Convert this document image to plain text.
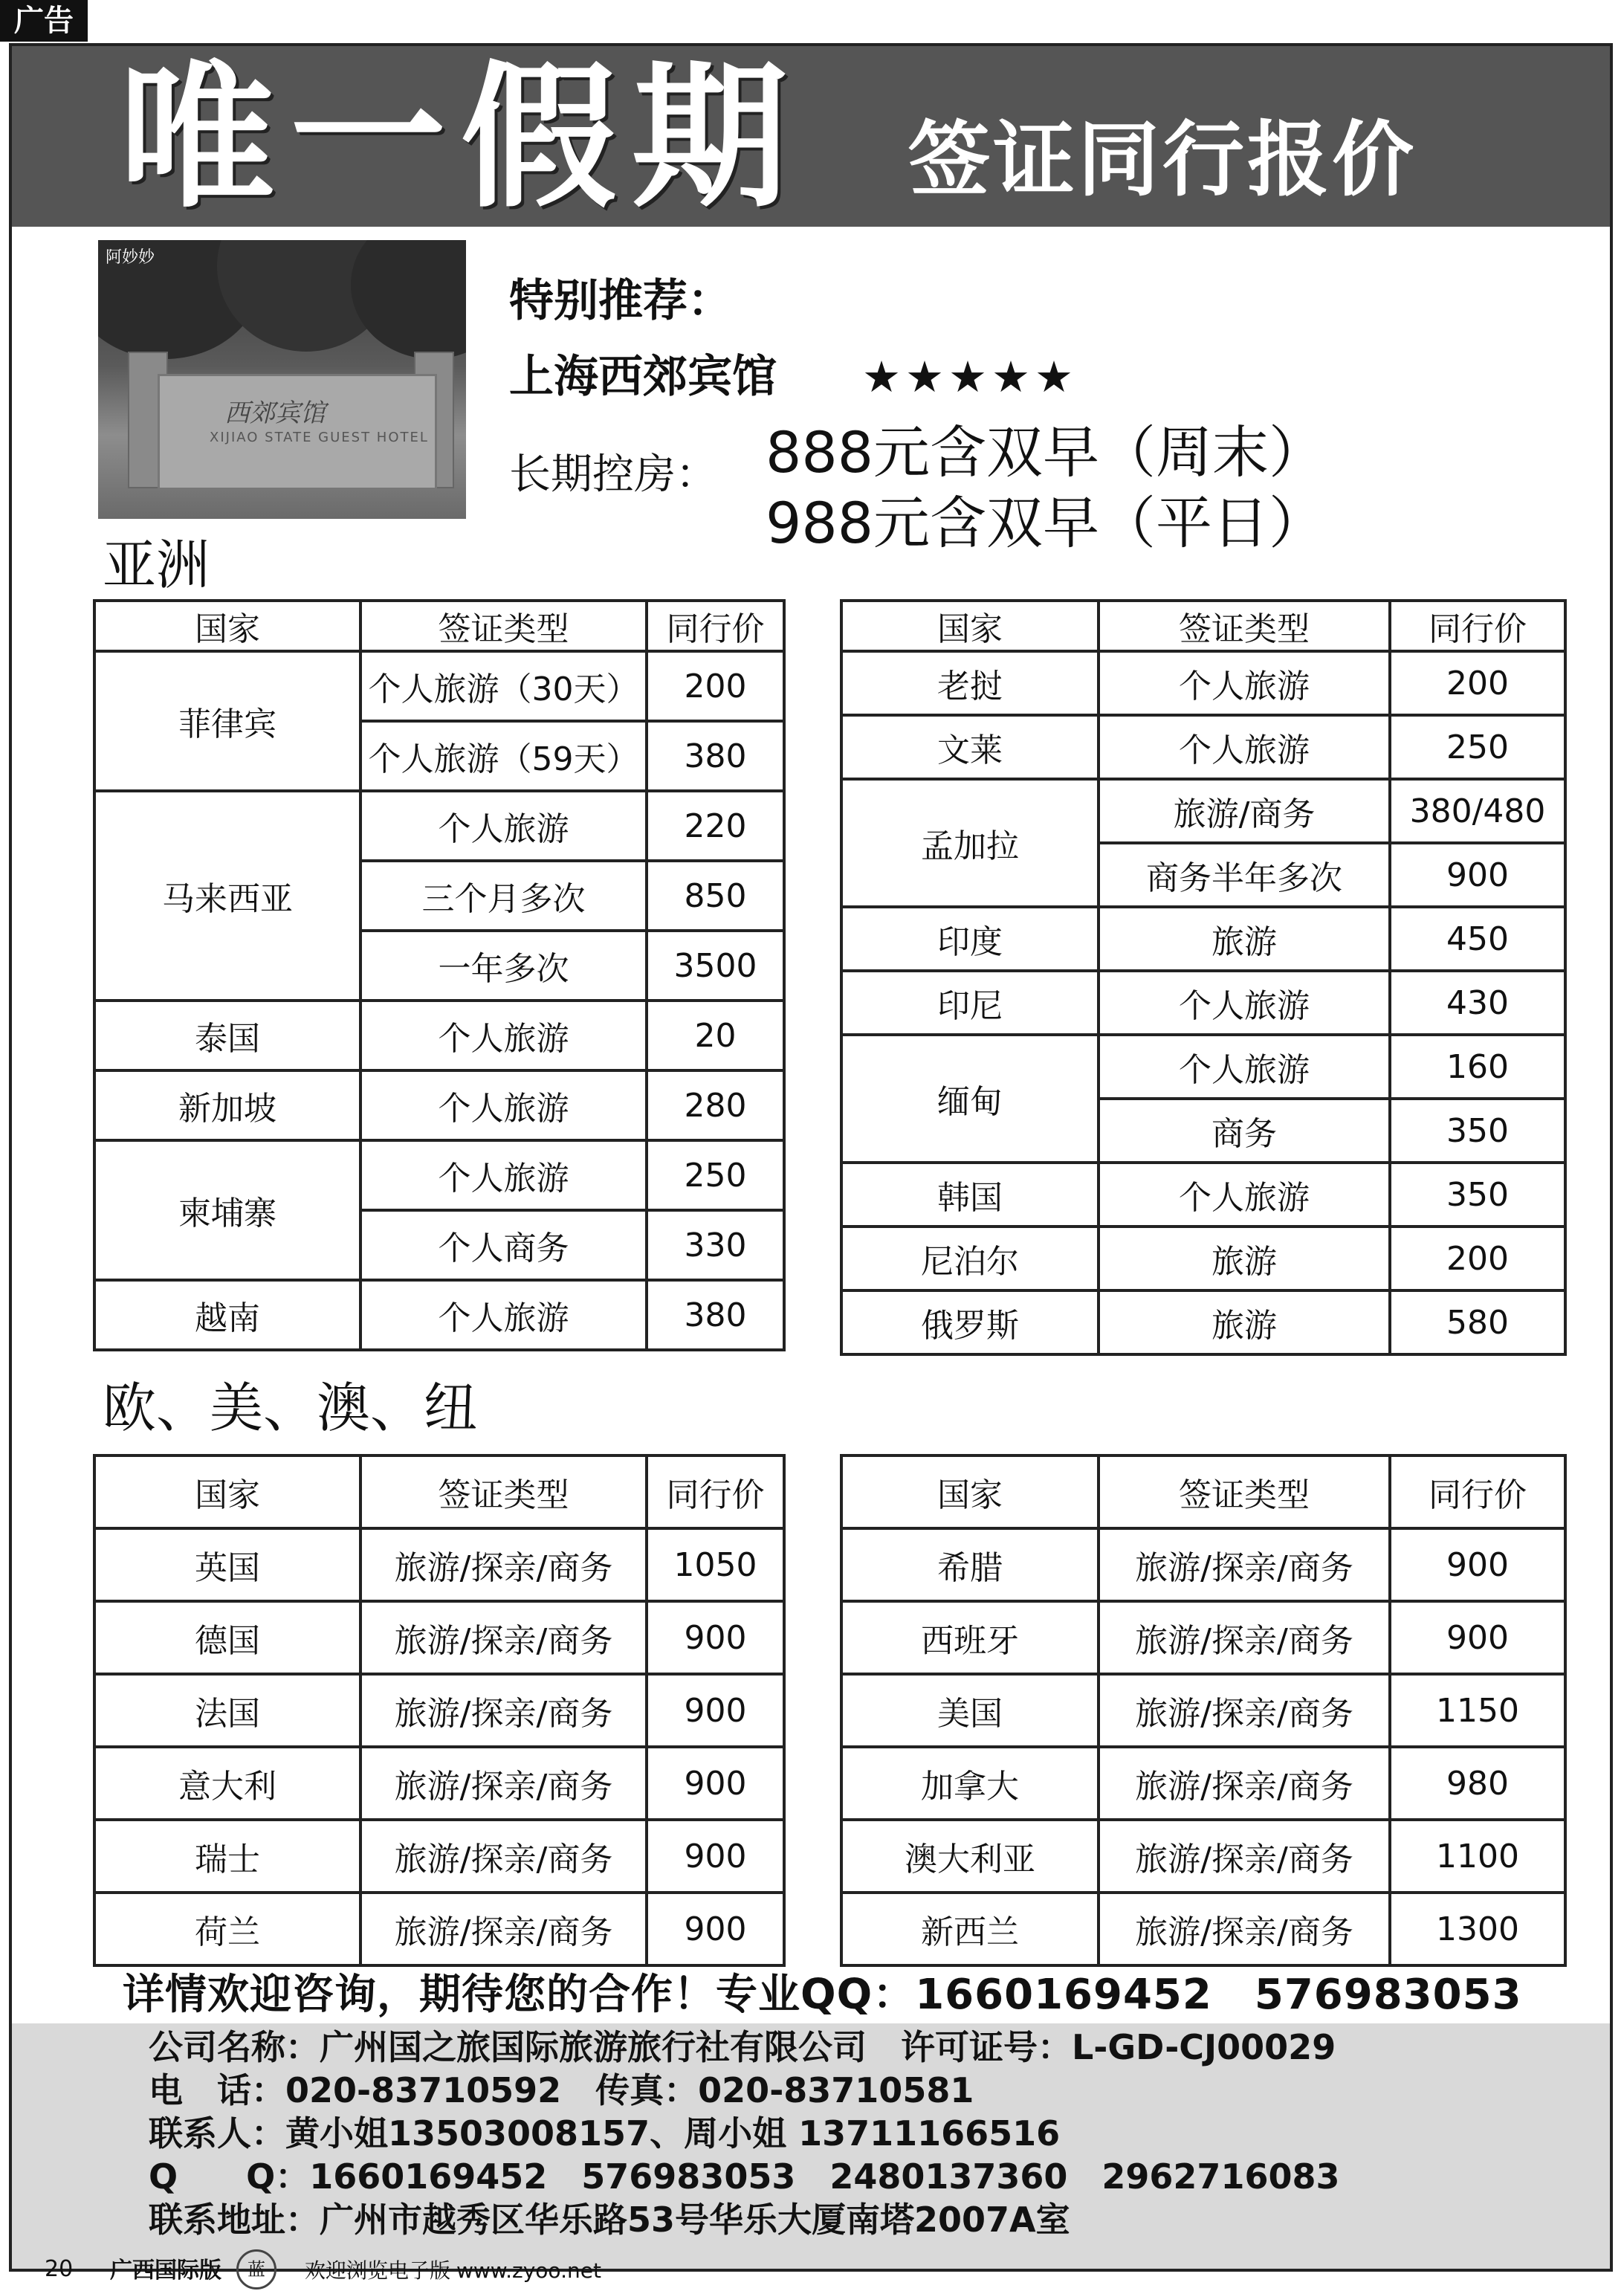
广告
唯一假期 签证同行报价
西郊宾馆
XIJIAO STATE GUEST HOTEL
阿妙妙
特别推荐：
上海西郊宾馆 ★★★★★
长期控房： 888元含双早（周末）
988元含双早（平日）
亚洲
国家	签证类型	同行价
菲律宾	个人旅游（30天）	200
	个人旅游（59天）	380
马来西亚	个人旅游	220
	三个月多次	850
	一年多次	3500
泰国	个人旅游	20
新加坡	个人旅游	280
柬埔寨	个人旅游	250
	个人商务	330
越南	个人旅游	380
国家	签证类型	同行价
老挝	个人旅游	200
文莱	个人旅游	250
孟加拉	旅游/商务	380/480
	商务半年多次	900
印度	旅游	450
印尼	个人旅游	430
缅甸	个人旅游	160
	商务	350
韩国	个人旅游	350
尼泊尔	旅游	200
俄罗斯	旅游	580
欧、美、澳、纽
国家	签证类型	同行价
英国	旅游/探亲/商务	1050
德国	旅游/探亲/商务	900
法国	旅游/探亲/商务	900
意大利	旅游/探亲/商务	900
瑞士	旅游/探亲/商务	900
荷兰	旅游/探亲/商务	900
国家	签证类型	同行价
希腊	旅游/探亲/商务	900
西班牙	旅游/探亲/商务	900
美国	旅游/探亲/商务	1150
加拿大	旅游/探亲/商务	980
澳大利亚	旅游/探亲/商务	1100
新西兰	旅游/探亲/商务	1300
详情欢迎咨询，期待您的合作！专业QQ：1660169452　576983053
公司名称：广州国之旅国际旅游旅行社有限公司　许可证号：L-GD-CJ00029
电　话：020-83710592　传真：020-83710581
联系人：黄小姐13503008157、周小姐 13711166516
Q　　Q：1660169452　576983053　2480137360　2962716083
联系地址：广州市越秀区华乐路53号华乐大厦南塔2007A室
20 广西国际版	蓝	欢迎浏览电子版 www.zyoo.net
